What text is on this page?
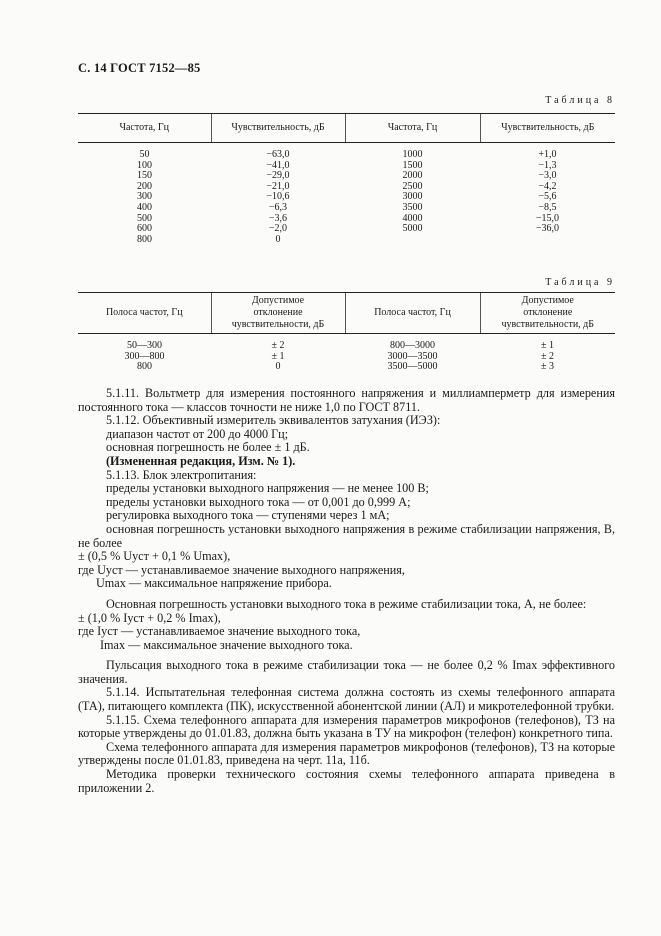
С. 14 ГОСТ 7152—85
Таблица 8
Частота, Гц	Чувствительность, дБ	Частота, Гц	Чувствительность, дБ
50	−63,0	1000	+1,0
100	−41,0	1500	−1,3
150	−29,0	2000	−3,0
200	−21,0	2500	−4,2
300	−10,6	3000	−5,6
400	−6,3	3500	−8,5
500	−3,6	4000	−15,0
600	−2,0	5000	−36,0
800	0		
Таблица 9
Полоса частот, Гц	Допустимое отклонение чувствительности, дБ	Полоса частот, Гц	Допустимое отклонение чувствительности, дБ
50—300	± 2	800—3000	± 1
300—800	± 1	3000—3500	± 2
800	0	3500—5000	± 3

5.1.11. Вольтметр для измерения постоянного напряжения и миллиамперметр для измерения постоянного тока — классов точности не ниже 1,0 по ГОСТ 8711.

5.1.12. Объективный измеритель эквивалентов затухания (ИЭЗ):

диапазон частот от 200 до 4000 Гц;

основная погрешность не более ± 1 дБ.

(Измененная редакция, Изм. № 1).

5.1.13. Блок электропитания:

пределы установки выходного напряжения — не менее 100 В;

пределы установки выходного тока — от 0,001 до 0,999 А;

регулировка выходного тока — ступенями через 1 мА;

основная погрешность установки выходного напряжения в режиме стабилизации напряжения, В, не более

± (0,5 % Uуст + 0,1 % Umax),

где Uуст — устанавливаемое значение выходного напряжения,

Umax — максимальное напряжение прибора.

Основная погрешность установки выходного тока в режиме стабилизации тока, А, не более:

± (1,0 % Iуст + 0,2 % Imax),

где Iуст — устанавливаемое значение выходного тока,

Imax — максимальное значение выходного тока.

Пульсация выходного тока в режиме стабилизации тока — не более 0,2 % Imax эффективного значения.

5.1.14. Испытательная телефонная система должна состоять из схемы телефонного аппарата (ТА), питающего комплекта (ПК), искусственной абонентской линии (АЛ) и микротелефонной трубки.

5.1.15. Схема телефонного аппарата для измерения параметров микрофонов (телефонов), ТЗ на которые утверждены до 01.01.83, должна быть указана в ТУ на микрофон (телефон) конкретного типа.

Схема телефонного аппарата для измерения параметров микрофонов (телефонов), ТЗ на которые утверждены после 01.01.83, приведена на черт. 11а, 11б.

Методика проверки технического состояния схемы телефонного аппарата приведена в приложении 2.
